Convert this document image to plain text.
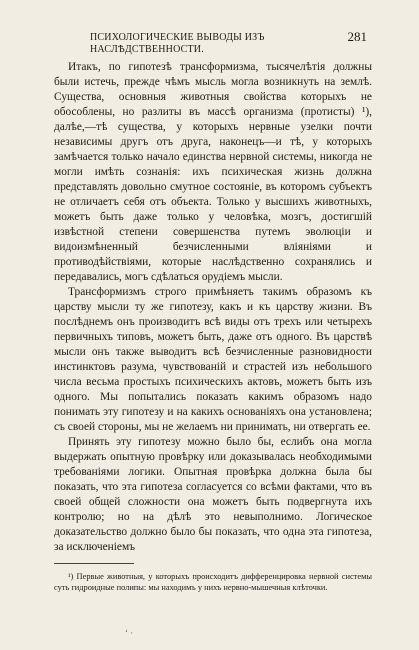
ПСИХОЛОГИЧЕСКИЕ ВЫВОДЫ ИЗЪ НАСЛѢДСТВЕННОСТИ.
281

Итакъ, по гипотезѣ трансформизма, тысячелѣтія должны были истечь, прежде чѣмъ мысль могла возникнуть на землѣ. Существа, основныя животныя свойства которыхъ не обособлены, но разлиты въ массѣ организма (протисты) ¹), далѣе,—тѣ существа, у которыхъ нервные узелки почти независимы другъ отъ друга, наконецъ—и тѣ, у которыхъ замѣчается только начало единства нервной системы, никогда не могли имѣть сознанія: ихъ психическая жизнь должна представлять довольно смутное состояніе, въ которомъ субъектъ не отличаетъ себя отъ объекта. Только у высшихъ животныхъ, можетъ быть даже только у человѣка, мозгъ, достигшій извѣстной степени совершенства путемъ эволюціи и видоизмѣненный безчисленными вліяніями и противодѣйствіями, которые наслѣдственно сохранялись и передавались, могъ сдѣлаться орудіемъ мысли.

Трансформизмъ строго примѣняетъ такимъ образомъ къ царству мысли ту же гипотезу, какъ и къ царству жизни. Въ послѣднемъ онъ производитъ всѣ виды отъ трехъ или четырехъ первичныхъ типовъ, можетъ быть, даже отъ одного. Въ царствѣ мысли онъ также выводитъ всѣ безчисленные разновидности инстинктовъ разума, чувствованій и страстей изъ небольшого числа весьма простыхъ психическихъ актовъ, можетъ быть изъ одного. Мы попытались показать какимъ образомъ надо понимать эту гипотезу и на какихъ основаніяхъ она установлена; съ своей стороны, мы не желаемъ ни принимать, ни отвергать ее.

Принять эту гипотезу можно было бы, еслибъ она могла выдержать опытную провѣрку или доказывалась необходимыми требованіями логики. Опытная провѣрка должна была бы показать, что эта гипотеза согласуется со всѣми фактами, что въ своей общей сложности она можетъ быть подвергнута ихъ контролю; но на дѣлѣ это невыполнимо. Логическое доказательство должно было бы показать, что одна эта гипотеза, за исключеніемъ

¹) Первые животныя, у которыхъ происходитъ дифференцировка нервной системы суть гидроидные полипы: мы находимъ у нихъ нервно-мышечныя клѣточки.
ʻ ·
